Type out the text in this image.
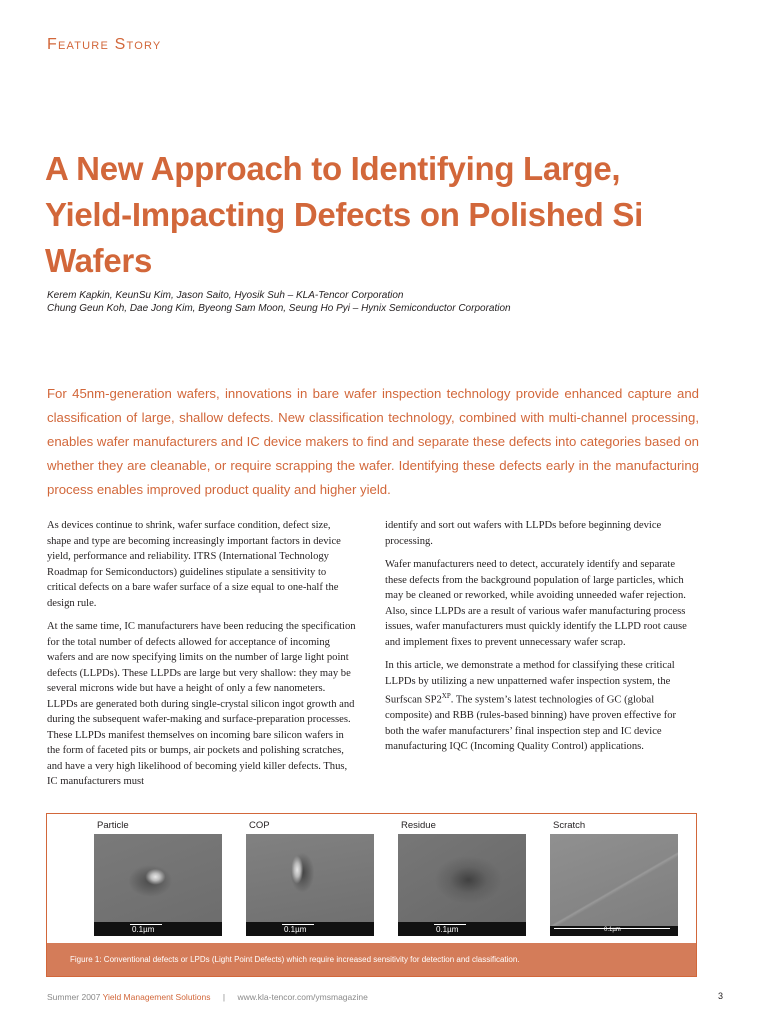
Feature Story
A New Approach to Identifying Large, Yield-Impacting Defects on Polished Si Wafers
Kerem Kapkin, KeunSu Kim, Jason Saito, Hyosik Suh – KLA-Tencor Corporation
Chung Geun Koh, Dae Jong Kim, Byeong Sam Moon, Seung Ho Pyi – Hynix Semiconductor Corporation

For 45nm-generation wafers, innovations in bare wafer inspection technology provide enhanced capture and classification of large, shallow defects. New classification technology, combined with multi-channel processing, enables wafer manufacturers and IC device makers to find and separate these defects into categories based on whether they are cleanable, or require scrapping the wafer. Identifying these defects early in the manufacturing process enables improved product quality and higher yield.

As devices continue to shrink, wafer surface condition, defect size, shape and type are becoming increasingly important factors in device yield, performance and reliability. ITRS (International Technology Roadmap for Semiconductors) guidelines stipulate a sensitivity to critical defects on a bare wafer surface of a size equal to one-half the design rule.

At the same time, IC manufacturers have been reducing the specification for the total number of defects allowed for acceptance of incoming wafers and are now specifying limits on the number of large light point defects (LLPDs). These LLPDs are large but very shallow: they may be several microns wide but have a height of only a few nanometers. LLPDs are generated both during single-crystal silicon ingot growth and during the subsequent wafer-making and surface-preparation processes. These LLPDs manifest themselves on incoming bare silicon wafers in the form of faceted pits or bumps, air pockets and polishing scratches, and have a very high likelihood of becoming yield killer defects. Thus, IC manufacturers must

identify and sort out wafers with LLPDs before beginning device processing.

Wafer manufacturers need to detect, accurately identify and separate these defects from the background population of large particles, which may be cleaned or reworked, while avoiding unneeded wafer rejection. Also, since LLPDs are a result of various wafer manufacturing process issues, wafer manufacturers must quickly identify the LLPD root cause and implement fixes to prevent unnecessary wafer scrap.

In this article, we demonstrate a method for classifying these critical LLPDs by utilizing a new unpatterned wafer inspection system, the Surfscan $SP2^{XP}$. The system’s latest technologies of GC (global composite) and RBB (rules-based binning) have proven effective for both the wafer manufacturers’ final inspection step and IC device manufacturing IQC (Incoming Quality Control) applications.

Particle
0.1µm
COP
0.1µm
Residue
0.1µm
Scratch
0.1µm
Figure 1: Conventional defects or LPDs (Light Point Defects) which require increased sensitivity for detection and classification.
Summer 2007 Yield Management Solutions | www.kla-tencor.com/ymsmagazine	3
